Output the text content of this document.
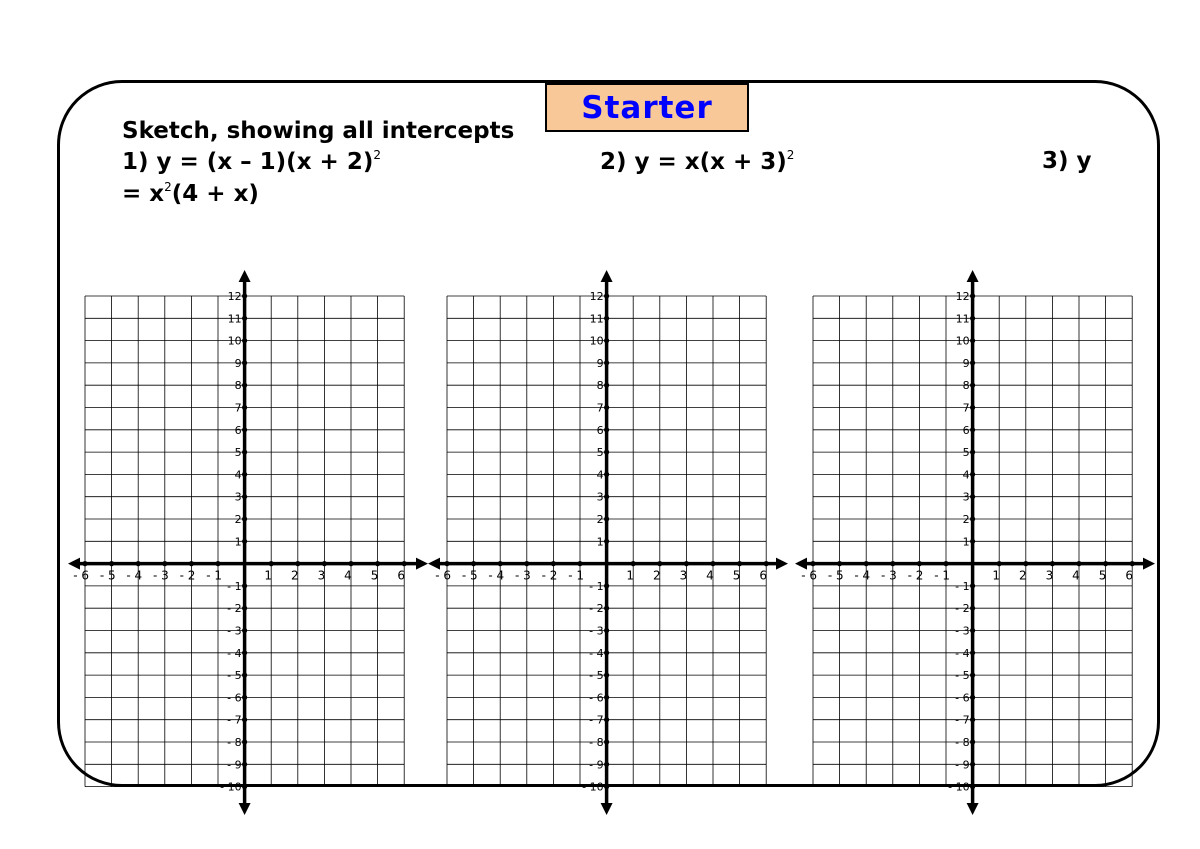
Starter
Sketch, showing all intercepts
1) $y = (x - 1)(x + 2)^2$	2) $y = x(x + 3)^2$	3) y
= $x^2(4 + x)$
- 6 - 5 - 4 - 3 - 2 - 1	1 2 3 4 5 6
12
11
10
9
8
7
6
5
4
3
2
1
- 1
- 2
- 3
- 4
- 5
- 6
- 7
- 8
- 9
- 10
- 6 - 5 - 4 - 3 - 2 - 1	1 2 3 4 5 6
12
11
10
9
8
7
6
5
4
3
2
1
- 1
- 2
- 3
- 4
- 5
- 6
- 7
- 8
- 9
- 10
- 6 - 5 - 4 - 3 - 2 - 1	1 2 3 4 5 6
12
11
10
9
8
7
6
5
4
3
2
1
- 1
- 2
- 3
- 4
- 5
- 6
- 7
- 8
- 9
- 10
